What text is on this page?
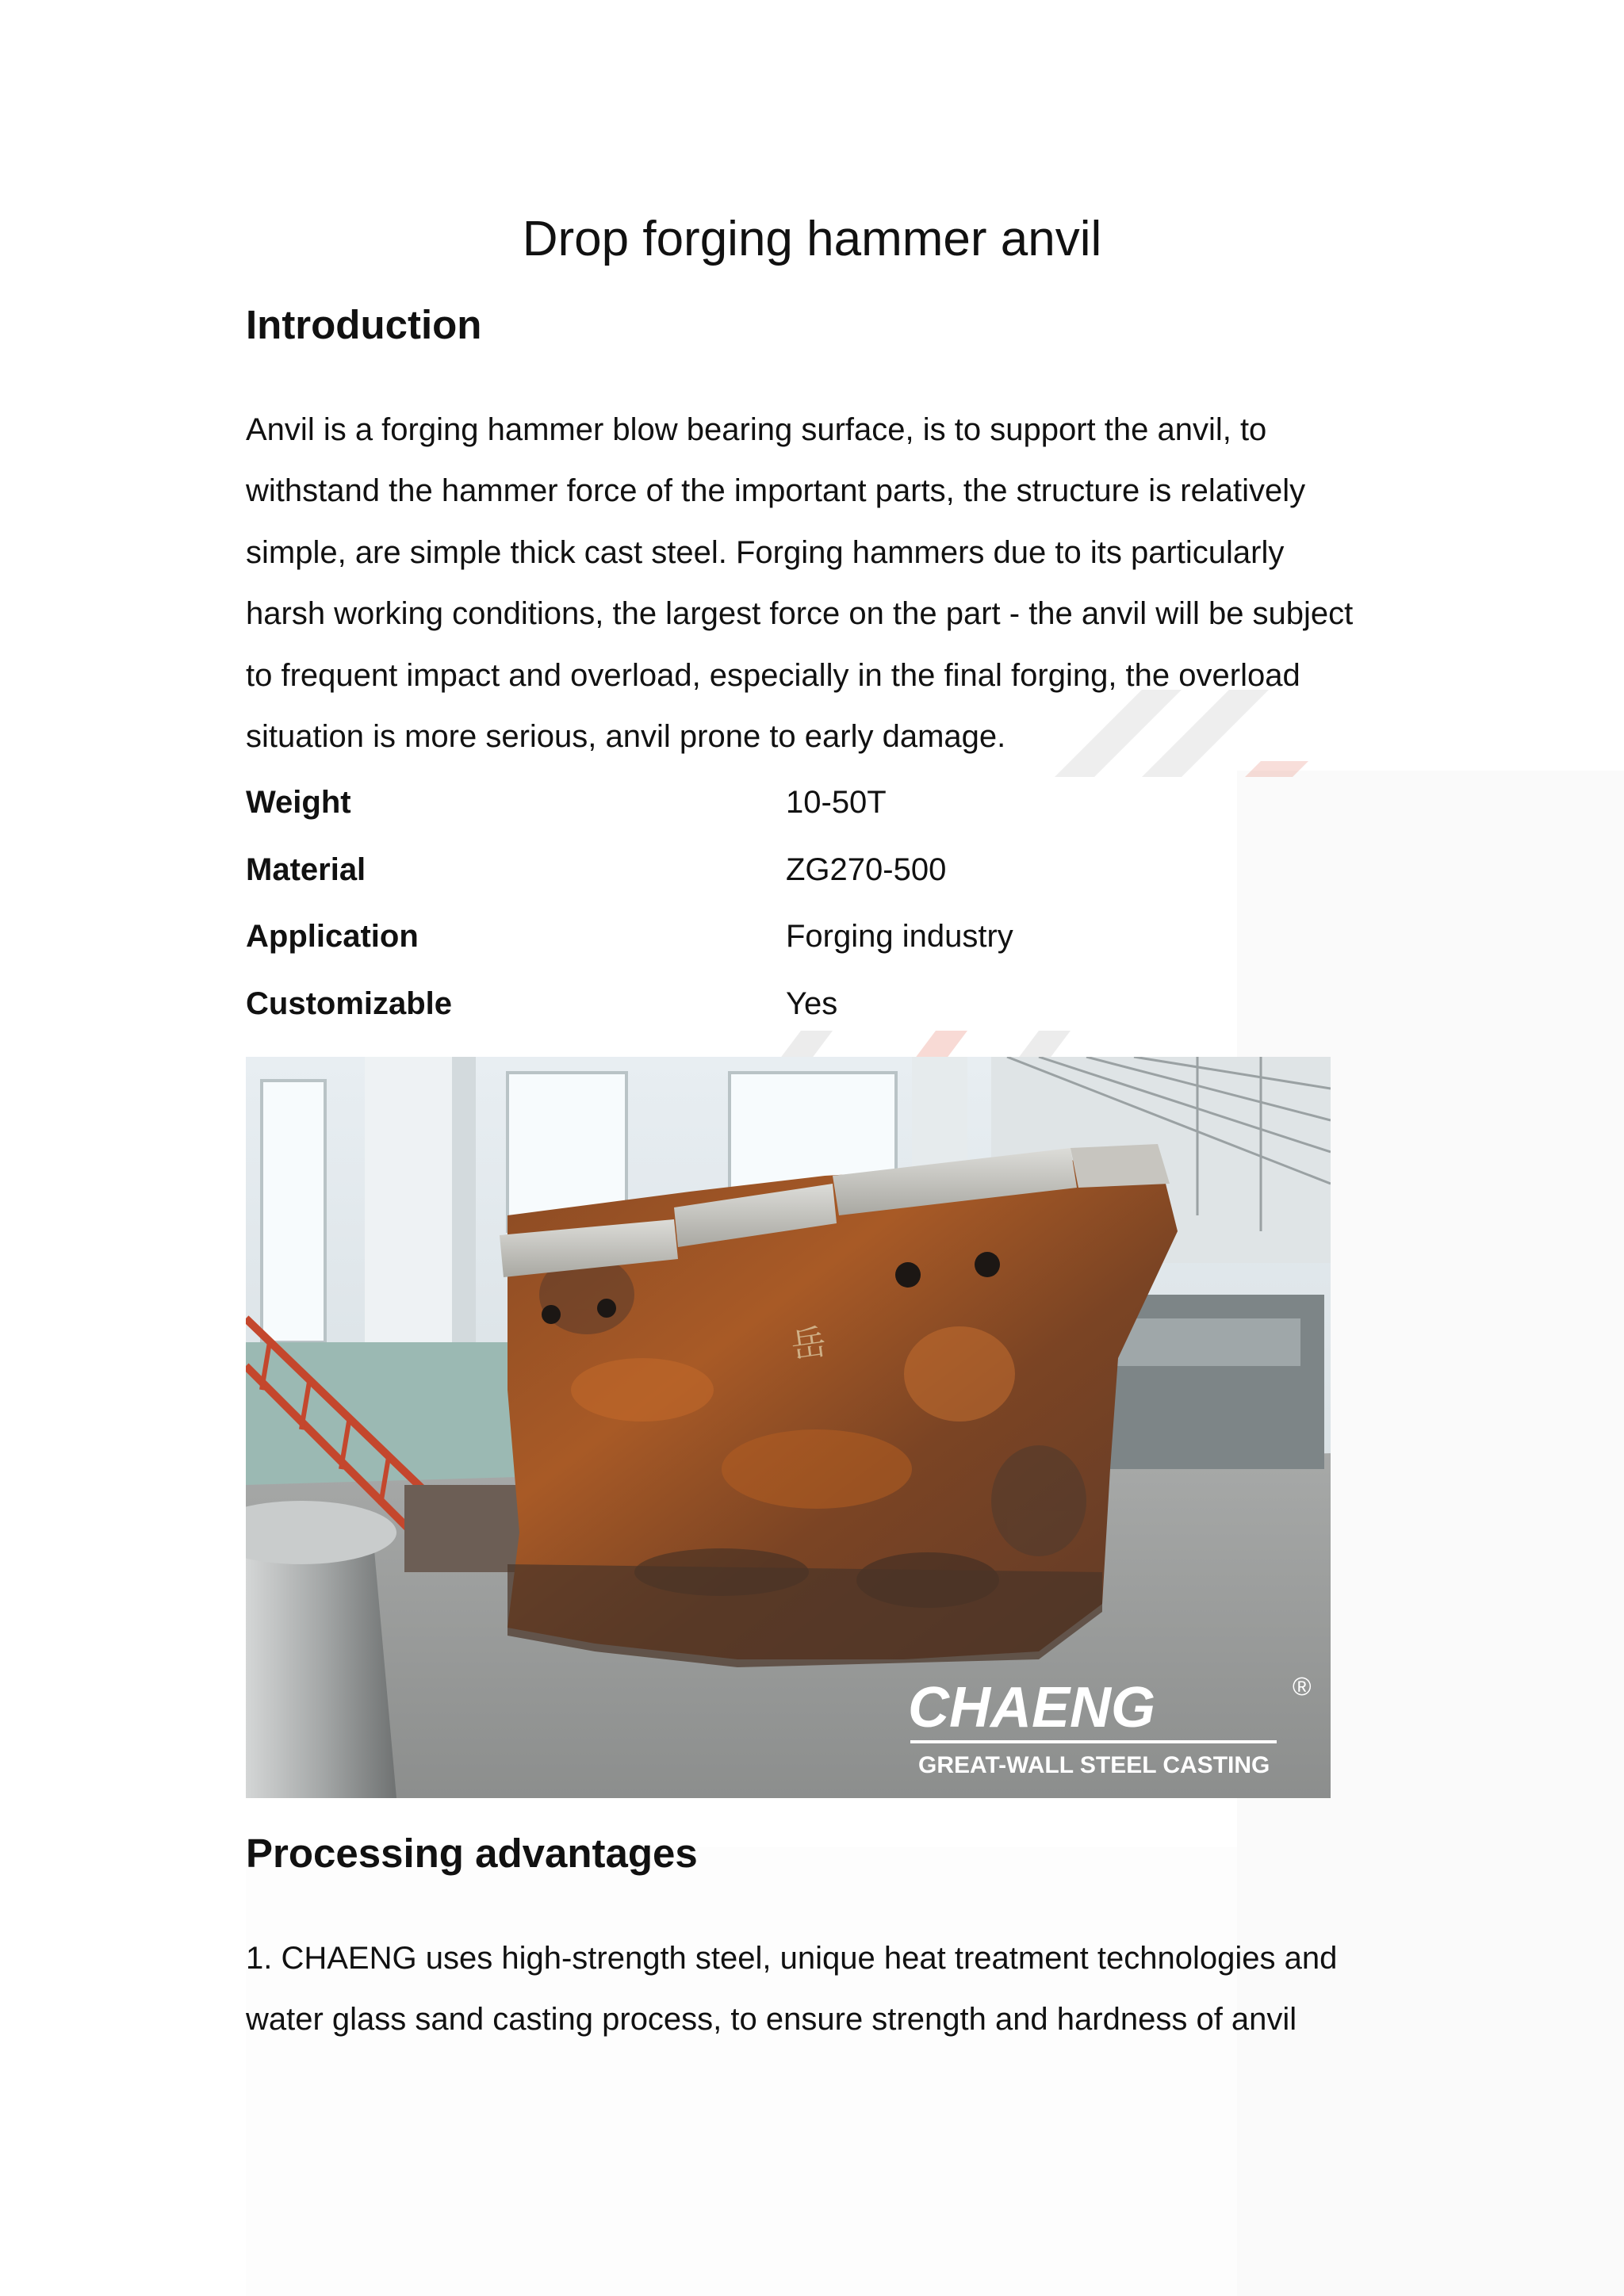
Drop forging hammer anvil
Introduction
Anvil is a forging hammer blow bearing surface, is to support the anvil, to
withstand the hammer force of the important parts, the structure is relatively
simple, are simple thick cast steel. Forging hammers due to its particularly
harsh working conditions, the largest force on the part - the anvil will be subject
to frequent impact and overload, especially in the final forging, the overload
situation is more serious, anvil prone to early damage.
Weight	10-50T
Material	ZG270-500
Application	Forging industry
Customizable	Yes
岳
CHAENG	®
GREAT-WALL STEEL CASTING
Processing advantages
1. CHAENG uses high-strength steel, unique heat treatment technologies and
water glass sand casting process, to ensure strength and hardness of anvil
